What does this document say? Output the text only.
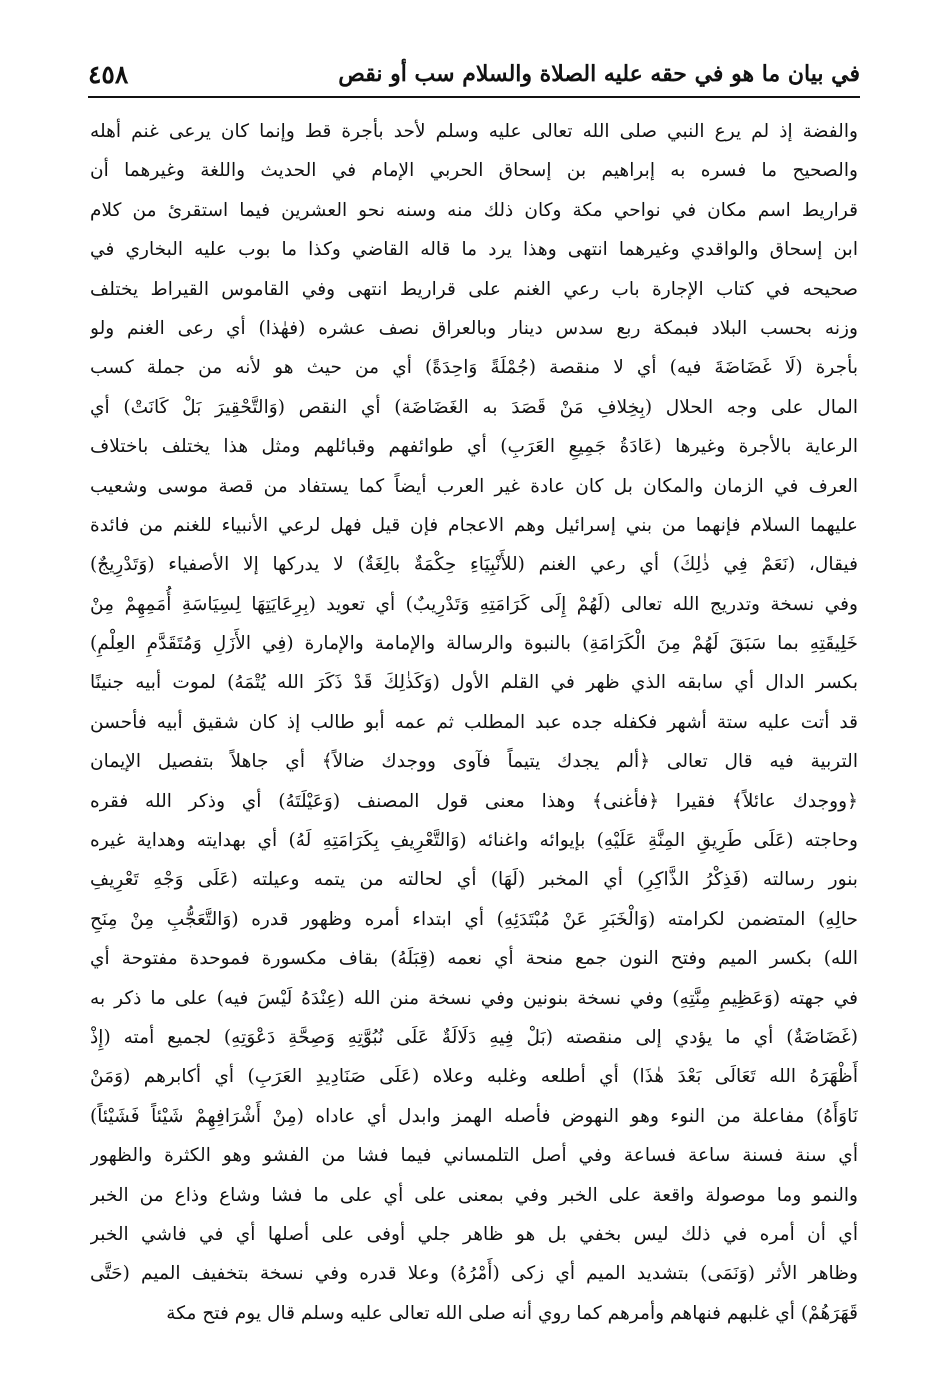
في بيان ما هو في حقه عليه الصلاة والسلام سب أو نقص
٤٥٨
والفضة إذ لم يرع النبي صلى الله تعالى عليه وسلم لأحد بأجرة قط وإنما كان يرعى غنم أهله
والصحيح ما فسره به إبراهيم بن إسحاق الحربي الإمام في الحديث واللغة وغيرهما أن
قراريط اسم مكان في نواحي مكة وكان ذلك منه وسنه نحو العشرين فيما استقرئ من كلام
ابن إسحاق والواقدي وغيرهما انتهى وهذا يرد ما قاله القاضي وكذا ما بوب عليه البخاري في
صحيحه في كتاب الإجارة باب رعي الغنم على قراريط انتهى وفي القاموس القيراط يختلف
وزنه بحسب البلاد فبمكة ربع سدس دينار وبالعراق نصف عشره (فهٰذا) أي رعى الغنم ولو
بأجرة (لَا غَضَاضَةَ فيه) أي لا منقصة (جُمْلَةً وَاحِدَةً) أي من حيث هو لأنه من جملة كسب
المال على وجه الحلال (بِخِلافِ مَنْ قَصَدَ به الغَضَاضَة) أي النقص (وَالتَّحْقِيرَ بَلْ كَانَتْ) أي
الرعاية بالأجرة وغيرها (عَادَةُ جَمِيعِ العَرَبِ) أي طوائفهم وقبائلهم ومثل هذا يختلف باختلاف
العرف في الزمان والمكان بل كان عادة غير العرب أيضاً كما يستفاد من قصة موسى وشعيب
عليهما السلام فإنهما من بني إسرائيل وهم الاعجام فإن قيل فهل لرعي الأنبياء للغنم من فائدة
فيقال، (نَعَمْ فِي ذٰلِكَ) أي رعي الغنم (للأَنْبِيَاءِ حِكْمَةٌ بالِغَةٌ) لا يدركها إلا الأصفياء (وَتَدْرِيجٌ)
وفي نسخة وتدريج الله تعالى (لَهُمْ إِلَى كَرَامَتِهِ وَتَدْرِيبٌ) أي تعويد (بِرِعَايَتِهَا لِسِيَاسَةِ أُمَمِهِمْ مِنْ
خَلِيقَتِهِ بما سَبَقَ لَهُمْ مِنَ الْكَرَامَةِ) بالنبوة والرسالة والإمامة والإمارة (فِي الأَزَلِ وَمُتَقَدَّمِ العِلْمِ)
بكسر الدال أي سابقه الذي ظهر في القلم الأول (وَكَذٰلِكَ قَدْ ذَكَرَ الله يُتْمَهُ) لموت أبيه جنينًا
قد أتت عليه ستة أشهر فكفله جده عبد المطلب ثم عمه أبو طالب إذ كان شقيق أبيه فأحسن
التربية فيه قال تعالى ﴿ألم يجدك يتيماً فآوى ووجدك ضالاً﴾ أي جاهلاً بتفصيل الإيمان
﴿ووجدك عائلاً﴾ فقيرا ﴿فأغنى﴾ وهذا معنى قول المصنف (وَعَيْلَتَهُ) أي وذكر الله فقره
وحاجته (عَلَى طَرِيقِ المِنَّةِ عَلَيْهِ) بإيوائه واغنائه (وَالتَّعْرِيفِ بِكَرَامَتِهِ لَهُ) أي بهدايته وهداية غيره
بنور رسالته (فَذِكْرُ الذَّاكِرِ) أي المخبر (لَهَا) أي لحالته من يتمه وعيلته (عَلَى وَجْهِ تَعْرِيفِ
حالِهِ) المتضمن لكرامته (وَالْخَبَرِ عَنْ مُبْتَدَئِهِ) أي ابتداء أمره وظهور قدره (وَالتَّعَجُّبِ مِنْ مِنَحِ
الله) بكسر الميم وفتح النون جمع منحة أي نعمه (قِبَلَهُ) بقاف مكسورة فموحدة مفتوحة أي
في جهته (وَعَظِيمِ مِنَّتِهِ) وفي نسخة بنونين وفي نسخة منن الله (عِنْدَهُ لَيْسَ فيه) على ما ذكر به
(غَضَاضَةٌ) أي ما يؤدي إلى منقصته (بَلْ فِيهِ دَلَالَةٌ عَلَى نُبُوَّتِهِ وَصِحَّةِ دَعْوَتِهِ) لجميع أمته (إِذْ
أَظْهَرَهُ الله تَعَالَى بَعْدَ هٰذَا) أي أطلعه وغلبه وعلاه (عَلَى صَنَادِيدِ العَرَبِ) أي أكابرهم (وَمَنْ
نَاوَأَهُ) مفاعلة من النوء وهو النهوض فأصله الهمز وابدل أي عاداه (مِنْ أَشْرَافِهِمْ شَيْئاً فَشَيْئاً)
أي سنة فسنة ساعة فساعة وفي أصل التلمساني فيما فشا من الفشو وهو الكثرة والظهور
والنمو وما موصولة واقعة على الخبر وفي بمعنى على أي على ما فشا وشاع وذاع من الخبر
أي أن أمره في ذلك ليس بخفي بل هو ظاهر جلي أوفى على أصلها أي في فاشي الخبر
وظاهر الأثر (وَنَمَى) بتشديد الميم أي زكى (أَمْرُهُ) وعلا قدره وفي نسخة بتخفيف الميم (حَتَّى
قَهَرَهُمْ) أي غلبهم فنهاهم وأمرهم كما روي أنه صلى الله تعالى عليه وسلم قال يوم فتح مكة
